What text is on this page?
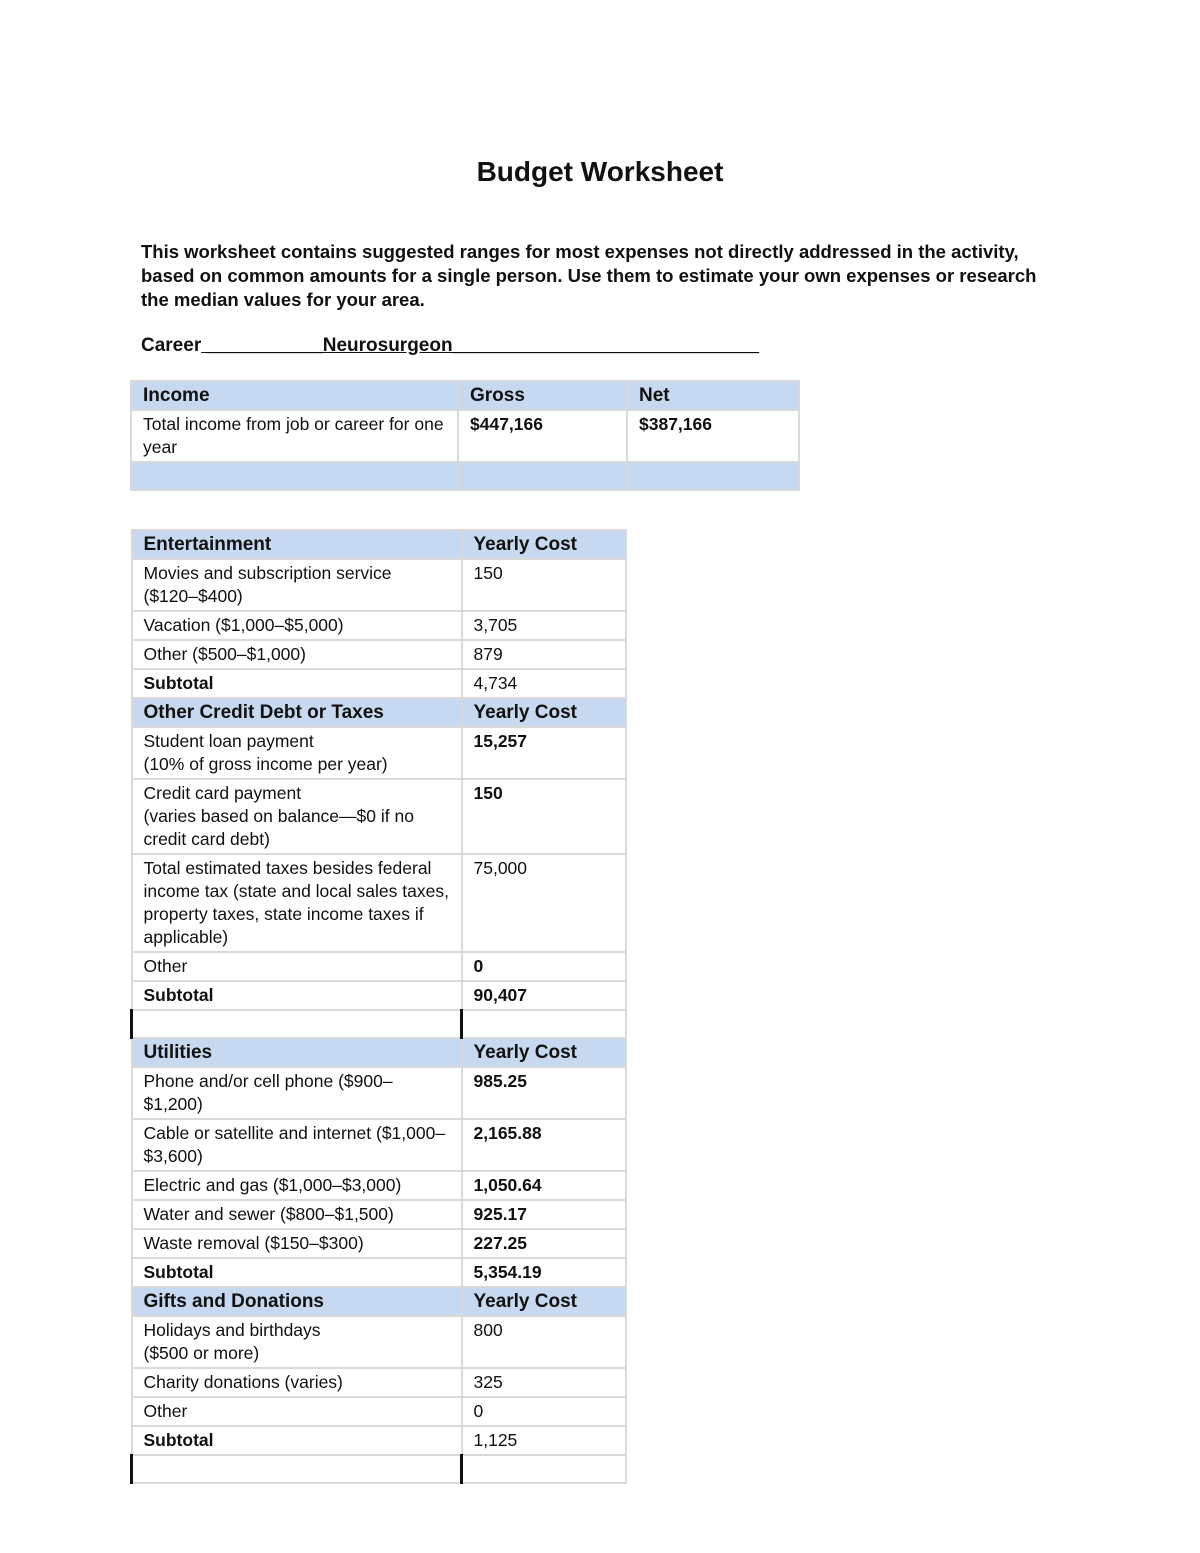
Budget Worksheet
This worksheet contains suggested ranges for most expenses not directly addressed in the activity, based on common amounts for a single person. Use them to estimate your own expenses or research the median values for your area.
Career ___________Neurosurgeon_____________________________
Income	Gross	Net
Total income from job or career for one year	$447,166	$387,166

Entertainment	Yearly Cost
Movies and subscription service ($120–$400)	150
Vacation ($1,000–$5,000)	3,705
Other ($500–$1,000)	879
Subtotal	4,734
Other Credit Debt or Taxes	Yearly Cost

Student loan payment
(10% of gross income per year)	15,257

Credit card payment
(varies based on balance—$0 if no credit card debt)	150
Total estimated taxes besides federal income tax (state and local sales taxes, property taxes, state income taxes if applicable)	75,000
Other	0
Subtotal	90,407

Utilities	Yearly Cost
Phone and/or cell phone ($900–$1,200)	985.25
Cable or satellite and internet ($1,000–$3,600)	2,165.88
Electric and gas ($1,000–$3,000)	1,050.64
Water and sewer ($800–$1,500)	925.17
Waste removal ($150–$300)	227.25
Subtotal	5,354.19
Gifts and Donations	Yearly Cost

Holidays and birthdays
($500 or more)	800
Charity donations (varies)	325
Other	0
Subtotal	1,125
